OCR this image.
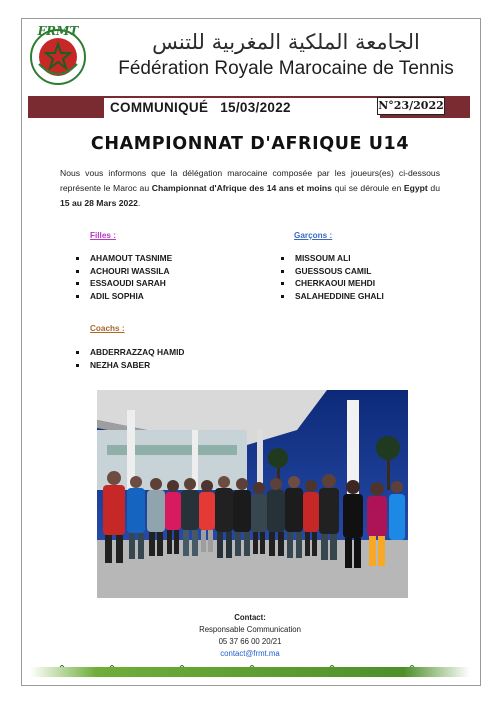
FRMT	الجامعة الملكية المغربية للتنس
Fédération Royale Marocaine de Tennis
COMMUNIQUÉ 15/03/2022	N°23/2022
CHAMPIONNAT D'AFRIQUE U14

Nous vous informons que la délégation marocaine composée par les joueurs(es) ci-dessous représente le Maroc au Championnat d'Afrique des 14 ans et moins qui se déroule en Egypt du 15 au 28 Mars 2022.

Filles :
AHAMOUT TASNIME
ACHOURI WASSILA
ESSAOUDI SARAH
ADIL SOPHIA
Garçons :
MISSOUM ALI
GUESSOUS CAMIL
CHERKAOUI MEHDI
SALAHEDDINE GHALI
Coachs :
ABDERRAZZAQ HAMID
NEZHA SABER
Contact:
Responsable Communication
05 37 66 00 20/21
contact@frmt.ma
